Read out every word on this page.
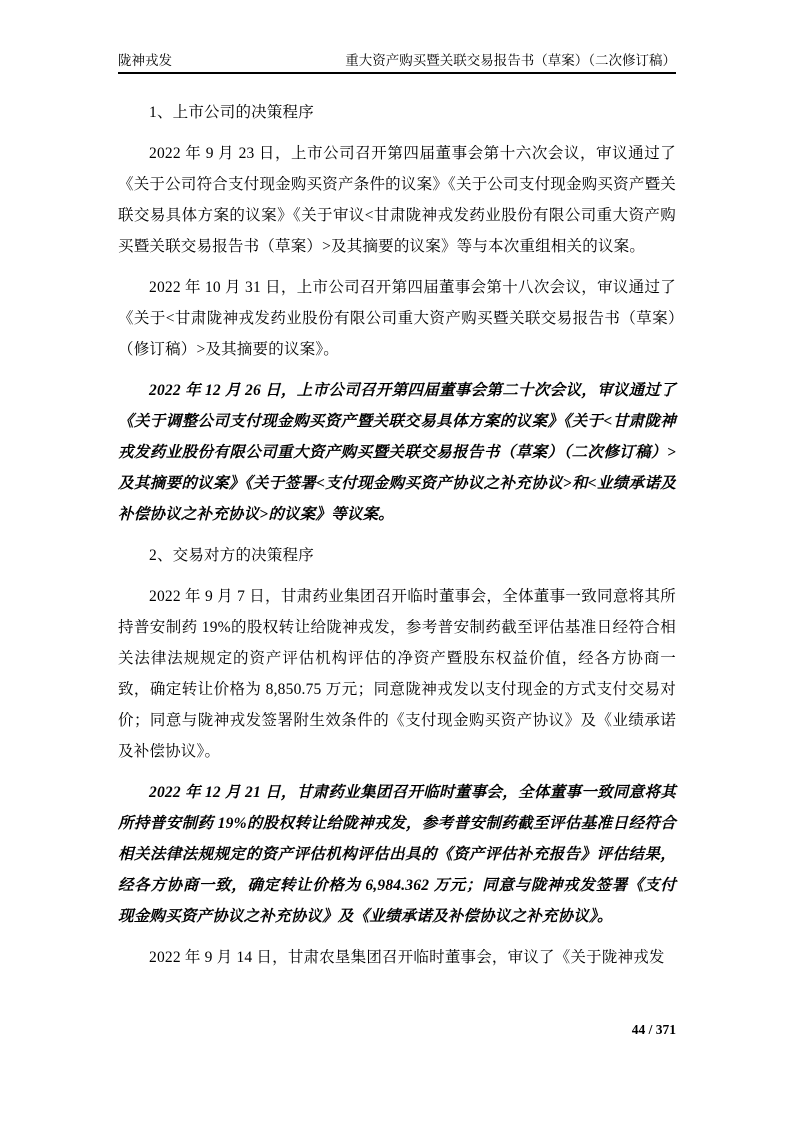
陇神戎发	重大资产购买暨关联交易报告书（草案）（二次修订稿）

1、上市公司的决策程序

2022 年 9 月 23 日，上市公司召开第四届董事会第十六次会议，审议通过了《关于公司符合支付现金购买资产条件的议案》《关于公司支付现金购买资产暨关联交易具体方案的议案》《关于审议<甘肃陇神戎发药业股份有限公司重大资产购买暨关联交易报告书（草案）>及其摘要的议案》等与本次重组相关的议案。

2022 年 10 月 31 日，上市公司召开第四届董事会第十八次会议，审议通过了《关于<甘肃陇神戎发药业股份有限公司重大资产购买暨关联交易报告书（草案）（修订稿）>及其摘要的议案》。

2022 年 12 月 26 日，上市公司召开第四届董事会第二十次会议，审议通过了《关于调整公司支付现金购买资产暨关联交易具体方案的议案》《关于<甘肃陇神戎发药业股份有限公司重大资产购买暨关联交易报告书（草案）（二次修订稿）>及其摘要的议案》《关于签署<支付现金购买资产协议之补充协议>和<业绩承诺及补偿协议之补充协议>的议案》等议案。

2、交易对方的决策程序

2022 年 9 月 7 日，甘肃药业集团召开临时董事会，全体董事一致同意将其所持普安制药 19%的股权转让给陇神戎发，参考普安制药截至评估基准日经符合相关法律法规规定的资产评估机构评估的净资产暨股东权益价值，经各方协商一致，确定转让价格为 8,850.75 万元；同意陇神戎发以支付现金的方式支付交易对价；同意与陇神戎发签署附生效条件的《支付现金购买资产协议》及《业绩承诺及补偿协议》。

2022 年 12 月 21 日，甘肃药业集团召开临时董事会，全体董事一致同意将其所持普安制药 19%的股权转让给陇神戎发，参考普安制药截至评估基准日经符合相关法律法规规定的资产评估机构评估出具的《资产评估补充报告》评估结果，经各方协商一致，确定转让价格为 6,984.362 万元；同意与陇神戎发签署《支付现金购买资产协议之补充协议》及《业绩承诺及补偿协议之补充协议》。

2022 年 9 月 14 日，甘肃农垦集团召开临时董事会，审议了《关于陇神戎发

44 / 371
